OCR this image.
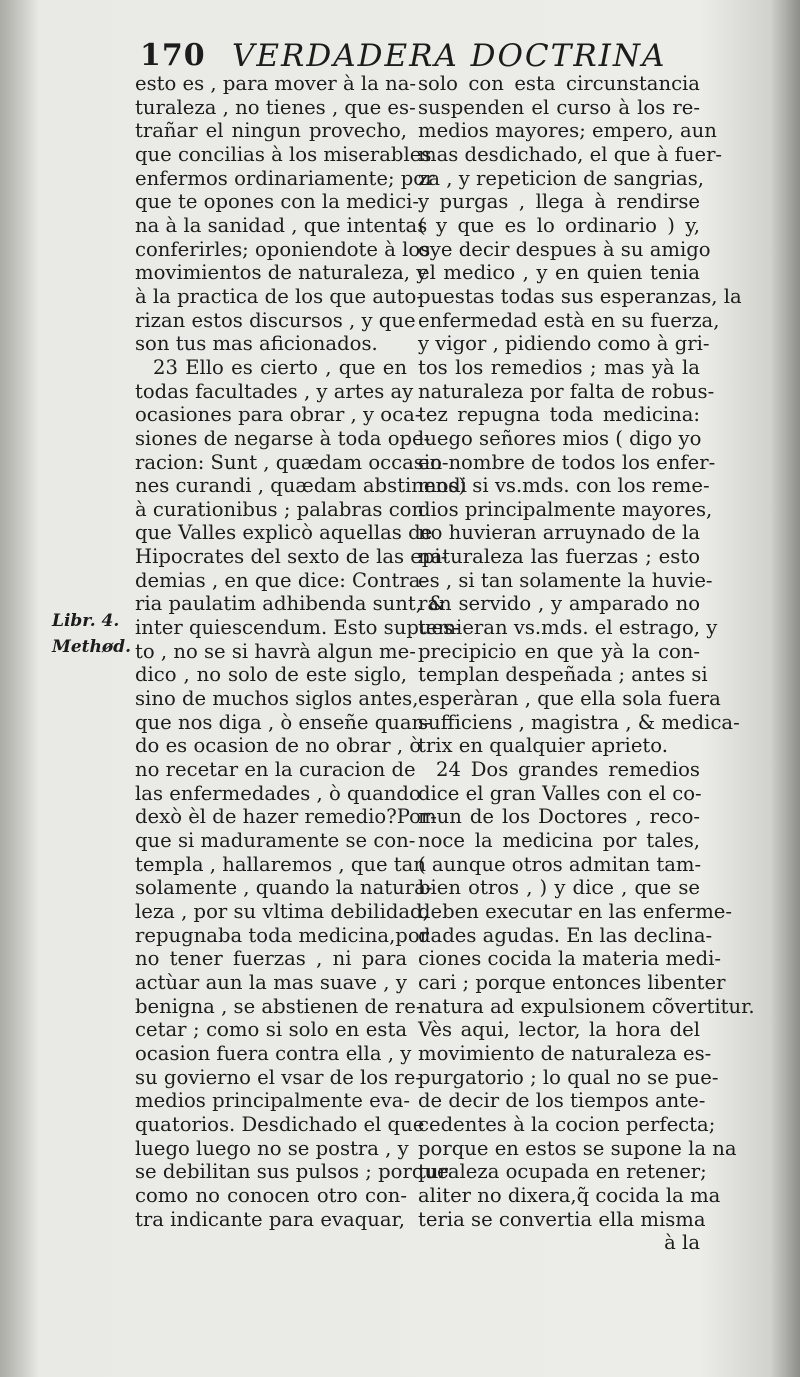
170 VERDADERA DOCTRINA
Libr. 4.
Methød.
esto es , para mover à la na-
turaleza , no tienes , que es-
trañar el ningun provecho,
que concilias à los miserables
enfermos ordinariamente; por
que te opones con la medici-
na à la sanidad , que intentas
conferirles; oponiendote à los
movimientos de naturaleza, y
à la practica de los que auto-
rizan estos discursos , y que
son tus mas aficionados.
23 Ello es cierto , que en
todas facultades , y artes ay
ocasiones para obrar , y oca-
siones de negarse à toda ope-
racion: Sunt , quædam occasio-
nes curandi , quædam abstinendi
à curationibus ; palabras con
que Valles explicò aquellas de
Hipocrates del sexto de las epi-
demias , en que dice: Contra-
ria paulatim adhibenda sunt, &
inter quiescendum. Esto supues-
to , no se si havrà algun me-
dico , no solo de este siglo,
sino de muchos siglos antes,
que nos diga , ò enseñe quan-
do es ocasion de no obrar , ò
no recetar en la curacion de
las enfermedades , ò quando
dexò èl de hazer remedio?Por-
que si maduramente se con-
templa , hallaremos , que tan
solamente , quando la natura-
leza , por su vltima debilidad,
repugnaba toda medicina,por
no tener fuerzas , ni para
actùar aun la mas suave , y
benigna , se abstienen de re-
cetar ; como si solo en esta
ocasion fuera contra ella , y
su govierno el vsar de los re-
medios principalmente eva-
quatorios. Desdichado el que
luego luego no se postra , y
se debilitan sus pulsos ; porque
como no conocen otro con-
tra indicante para evaquar,
solo con esta circunstancia
suspenden el curso à los re-
medios mayores; empero, aun
mas desdichado, el que à fuer-
za , y repeticion de sangrias,
y purgas , llega à rendirse
( y que es lo ordinario ) y,
oye decir despues à su amigo
el medico , y en quien tenia
puestas todas sus esperanzas, la
enfermedad està en su fuerza,
y vigor , pidiendo como à gri-
tos los remedios ; mas yà la
naturaleza por falta de robus-
tez repugna toda medicina:
luego señores mios ( digo yo
en nombre de todos los enfer-
mos) si vs.mds. con los reme-
dios principalmente mayores,
no huvieran arruynado de la
naturaleza las fuerzas ; esto
es , si tan solamente la huvie-
ran servido , y amparado no
temieran vs.mds. el estrago, y
precipicio en que yà la con-
templan despeñada ; antes si
esperàran , que ella sola fuera
sufficiens , magistra , & medica-
trix en qualquier aprieto.
24 Dos grandes remedios
dice el gran Valles con el co-
mun de los Doctores , reco-
noce la medicina por tales,
( aunque otros admitan tam-
bien otros , ) y dice , que se
deben executar en las enferme-
dades agudas. En las declina-
ciones cocida la materia medi-
cari ; porque entonces libenter
natura ad expulsionem cõvertitur.
Vès aqui, lector, la hora del
movimiento de naturaleza es-
purgatorio ; lo qual no se pue-
de decir de los tiempos ante-
cedentes à la cocion perfecta;
porque en estos se supone la na
turaleza ocupada en retener;
aliter no dixera,q̃ cocida la ma
teria se convertia ella misma
à la
